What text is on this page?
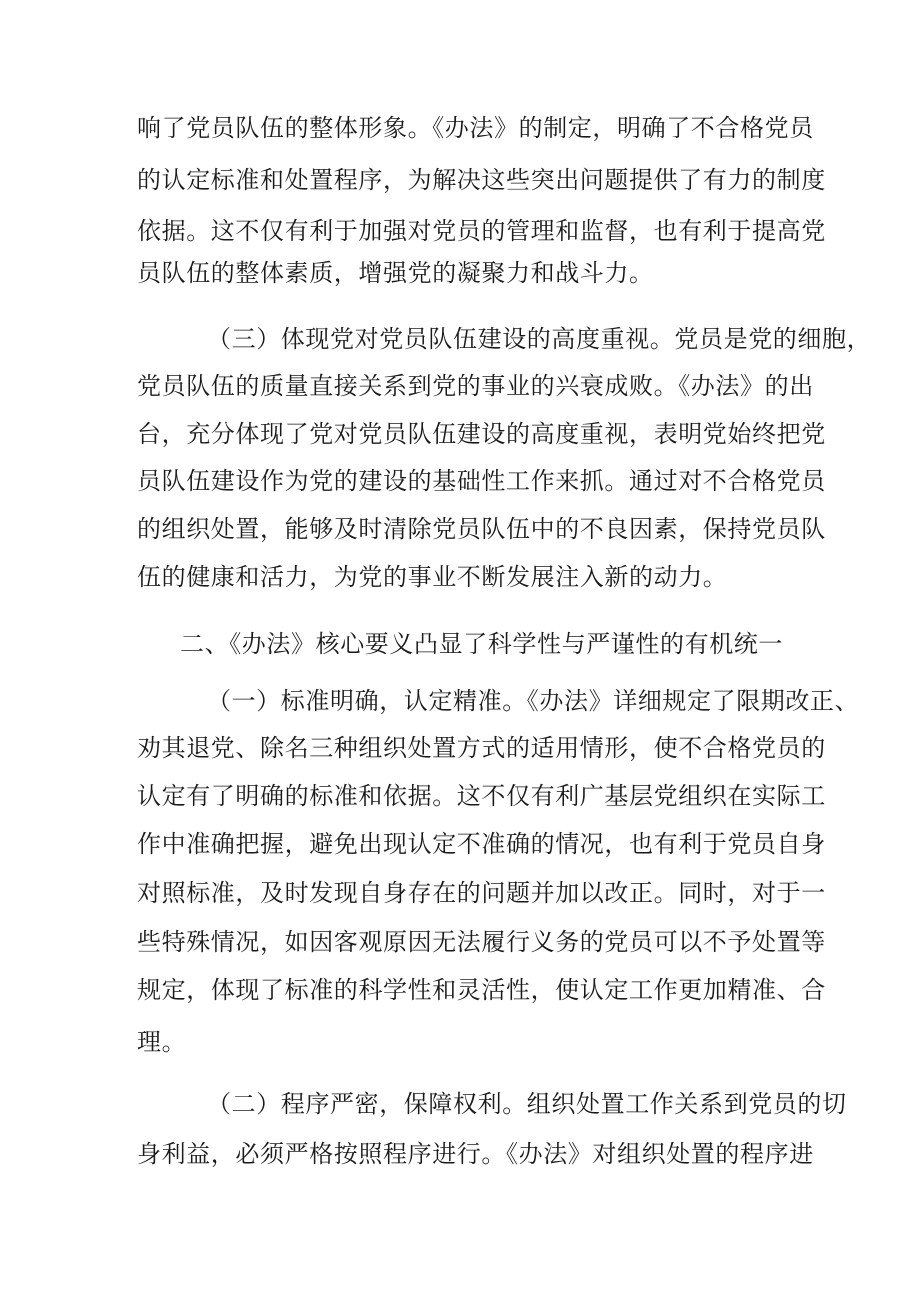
响了党员队伍的整体形象。《办法》的制定，明确了不合格党员
的认定标准和处置程序，为解决这些突出问题提供了有力的制度
依据。这不仅有利于加强对党员的管理和监督，也有利于提高党
员队伍的整体素质，增强党的凝聚力和战斗力。
（三）体现党对党员队伍建设的高度重视。党员是党的细胞，
党员队伍的质量直接关系到党的事业的兴衰成败。《办法》的出
台，充分体现了党对党员队伍建设的高度重视，表明党始终把党
员队伍建设作为党的建设的基础性工作来抓。通过对不合格党员
的组织处置，能够及时清除党员队伍中的不良因素，保持党员队
伍的健康和活力，为党的事业不断发展注入新的动力。
二、《办法》核心要义凸显了科学性与严谨性的有机统一
（一）标准明确，认定精准。《办法》详细规定了限期改正、
劝其退党、除名三种组织处置方式的适用情形，使不合格党员的
认定有了明确的标准和依据。这不仅有利广基层党组织在实际工
作中准确把握，避免出现认定不准确的情况，也有利于党员自身
对照标准，及时发现自身存在的问题并加以改正。同时，对于一
些特殊情况，如因客观原因无法履行义务的党员可以不予处置等
规定，体现了标准的科学性和灵活性，使认定工作更加精准、合
理。
（二）程序严密，保障权利。组织处置工作关系到党员的切
身利益，必须严格按照程序进行。《办法》对组织处置的程序进
